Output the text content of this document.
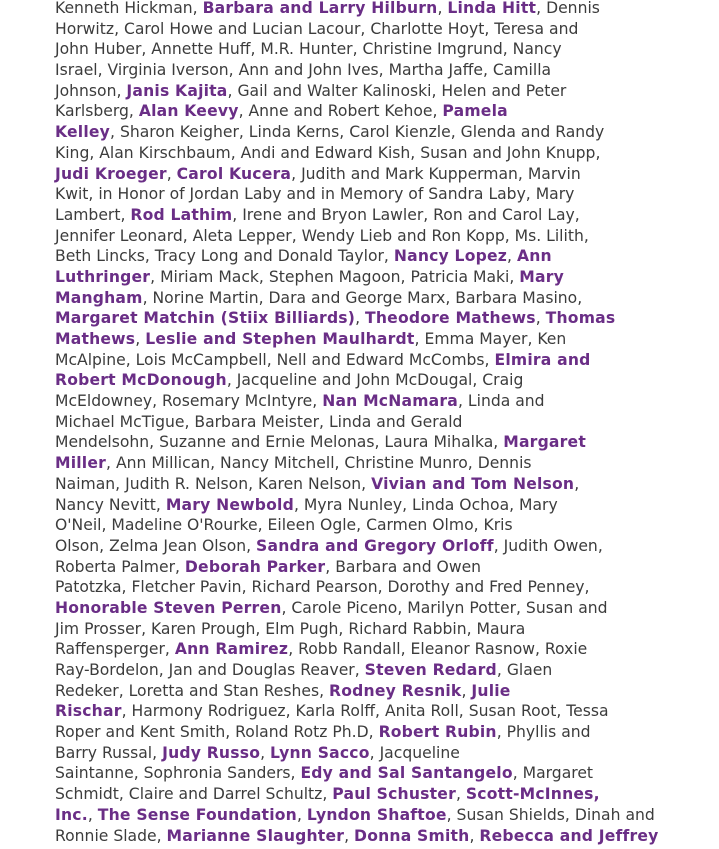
Kenneth Hickman, Barbara and Larry Hilburn, Linda Hitt, Dennis
Horwitz, Carol Howe and Lucian Lacour, Charlotte Hoyt, Teresa and
John Huber, Annette Huff, M.R. Hunter, Christine Imgrund, Nancy
Israel, Virginia Iverson, Ann and John Ives, Martha Jaffe, Camilla
Johnson, Janis Kajita, Gail and Walter Kalinoski, Helen and Peter
Karlsberg, Alan Keevy, Anne and Robert Kehoe, Pamela
Kelley, Sharon Keigher, Linda Kerns, Carol Kienzle, Glenda and Randy
King, Alan Kirschbaum, Andi and Edward Kish, Susan and John Knupp,
Judi Kroeger, Carol Kucera, Judith and Mark Kupperman, Marvin
Kwit, in Honor of Jordan Laby and in Memory of Sandra Laby, Mary
Lambert, Rod Lathim, Irene and Bryon Lawler, Ron and Carol Lay,
Jennifer Leonard, Aleta Lepper, Wendy Lieb and Ron Kopp, Ms. Lilith,
Beth Lincks, Tracy Long and Donald Taylor, Nancy Lopez, Ann
Luthringer, Miriam Mack, Stephen Magoon, Patricia Maki, Mary
Mangham, Norine Martin, Dara and George Marx, Barbara Masino,
Margaret Matchin (Stiix Billiards), Theodore Mathews, Thomas
Mathews, Leslie and Stephen Maulhardt, Emma Mayer, Ken
McAlpine, Lois McCampbell, Nell and Edward McCombs, Elmira and
Robert McDonough, Jacqueline and John McDougal, Craig
McEldowney, Rosemary McIntyre, Nan McNamara, Linda and
Michael McTigue, Barbara Meister, Linda and Gerald
Mendelsohn, Suzanne and Ernie Melonas, Laura Mihalka, Margaret
Miller, Ann Millican, Nancy Mitchell, Christine Munro, Dennis
Naiman, Judith R. Nelson, Karen Nelson, Vivian and Tom Nelson,
Nancy Nevitt, Mary Newbold, Myra Nunley, Linda Ochoa, Mary
O'Neil, Madeline O'Rourke, Eileen Ogle, Carmen Olmo, Kris
Olson, Zelma Jean Olson, Sandra and Gregory Orloff, Judith Owen,
Roberta Palmer, Deborah Parker, Barbara and Owen
Patotzka, Fletcher Pavin, Richard Pearson, Dorothy and Fred Penney,
Honorable Steven Perren, Carole Piceno, Marilyn Potter, Susan and
Jim Prosser, Karen Prough, Elm Pugh, Richard Rabbin, Maura
Raffensperger, Ann Ramirez, Robb Randall, Eleanor Rasnow, Roxie
Ray-Bordelon, Jan and Douglas Reaver, Steven Redard, Glaen
Redeker, Loretta and Stan Reshes, Rodney Resnik, Julie
Rischar, Harmony Rodriguez, Karla Rolff, Anita Roll, Susan Root, Tessa
Roper and Kent Smith, Roland Rotz Ph.D, Robert Rubin, Phyllis and
Barry Russal, Judy Russo, Lynn Sacco, Jacqueline
Saintanne, Sophronia Sanders, Edy and Sal Santangelo, Margaret
Schmidt, Claire and Darrel Schultz, Paul Schuster, Scott-McInnes,
Inc., The Sense Foundation, Lyndon Shaftoe, Susan Shields, Dinah and
Ronnie Slade, Marianne Slaughter, Donna Smith, Rebecca and Jeffrey
